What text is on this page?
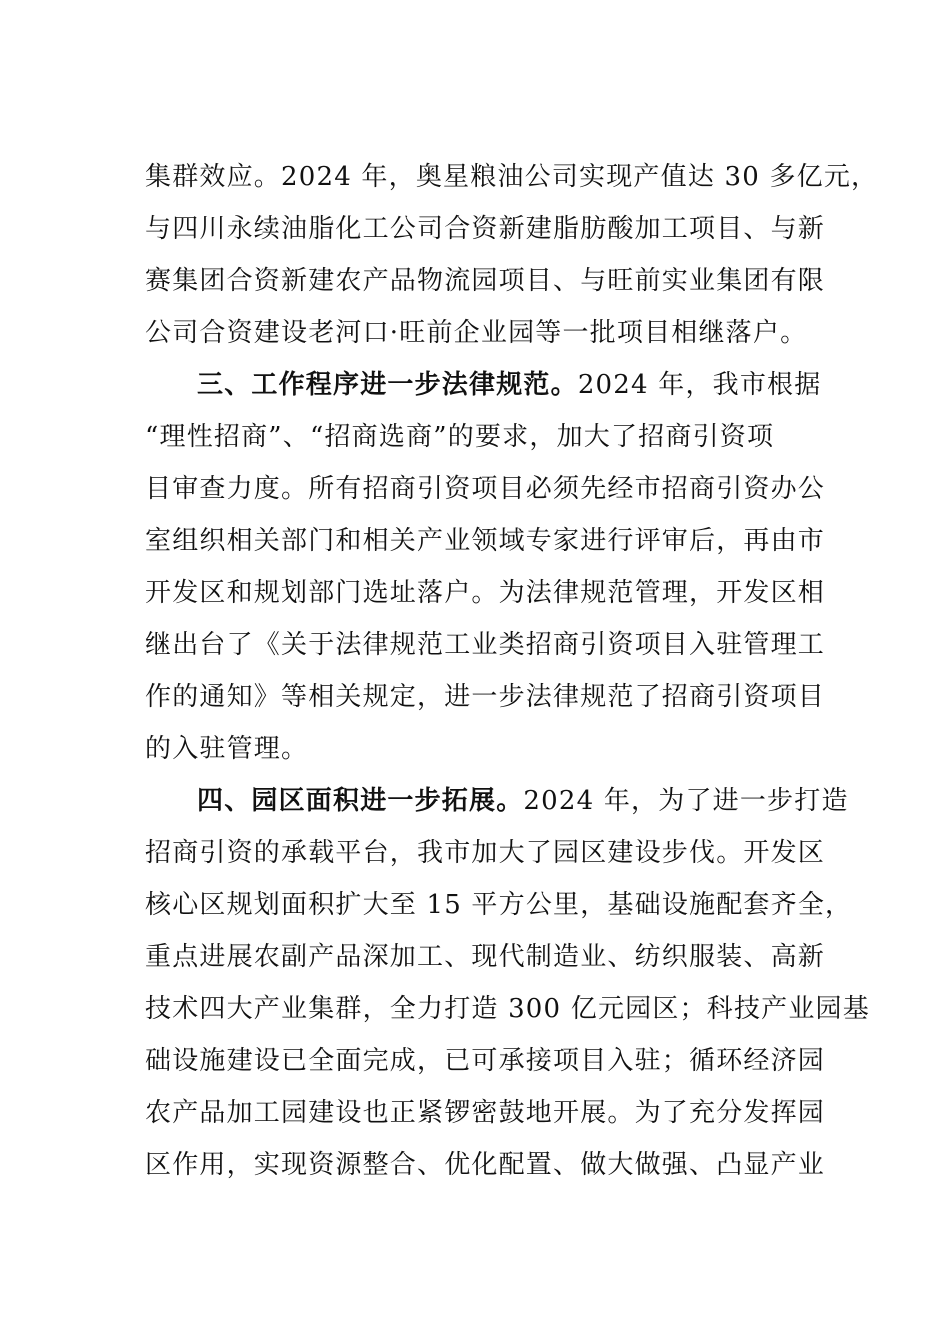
集群效应。2024 年，奥星粮油公司实现产值达 30 多亿元，
与四川永续油脂化工公司合资新建脂肪酸加工项目、与新
赛集团合资新建农产品物流园项目、与旺前实业集团有限
公司合资建设老河口·旺前企业园等一批项目相继落户。
三、工作程序进一步法律规范。2024 年，我市根据
“理性招商”、“招商选商”的要求，加大了招商引资项
目审查力度。所有招商引资项目必须先经市招商引资办公
室组织相关部门和相关产业领域专家进行评审后，再由市
开发区和规划部门选址落户。为法律规范管理，开发区相
继出台了《关于法律规范工业类招商引资项目入驻管理工
作的通知》等相关规定，进一步法律规范了招商引资项目
的入驻管理。
四、园区面积进一步拓展。2024 年，为了进一步打造
招商引资的承载平台，我市加大了园区建设步伐。开发区
核心区规划面积扩大至 15 平方公里，基础设施配套齐全，
重点进展农副产品深加工、现代制造业、纺织服装、高新
技术四大产业集群，全力打造 300 亿元园区；科技产业园基
础设施建设已全面完成，已可承接项目入驻；循环经济园
农产品加工园建设也正紧锣密鼓地开展。为了充分发挥园
区作用，实现资源整合、优化配置、做大做强、凸显产业
